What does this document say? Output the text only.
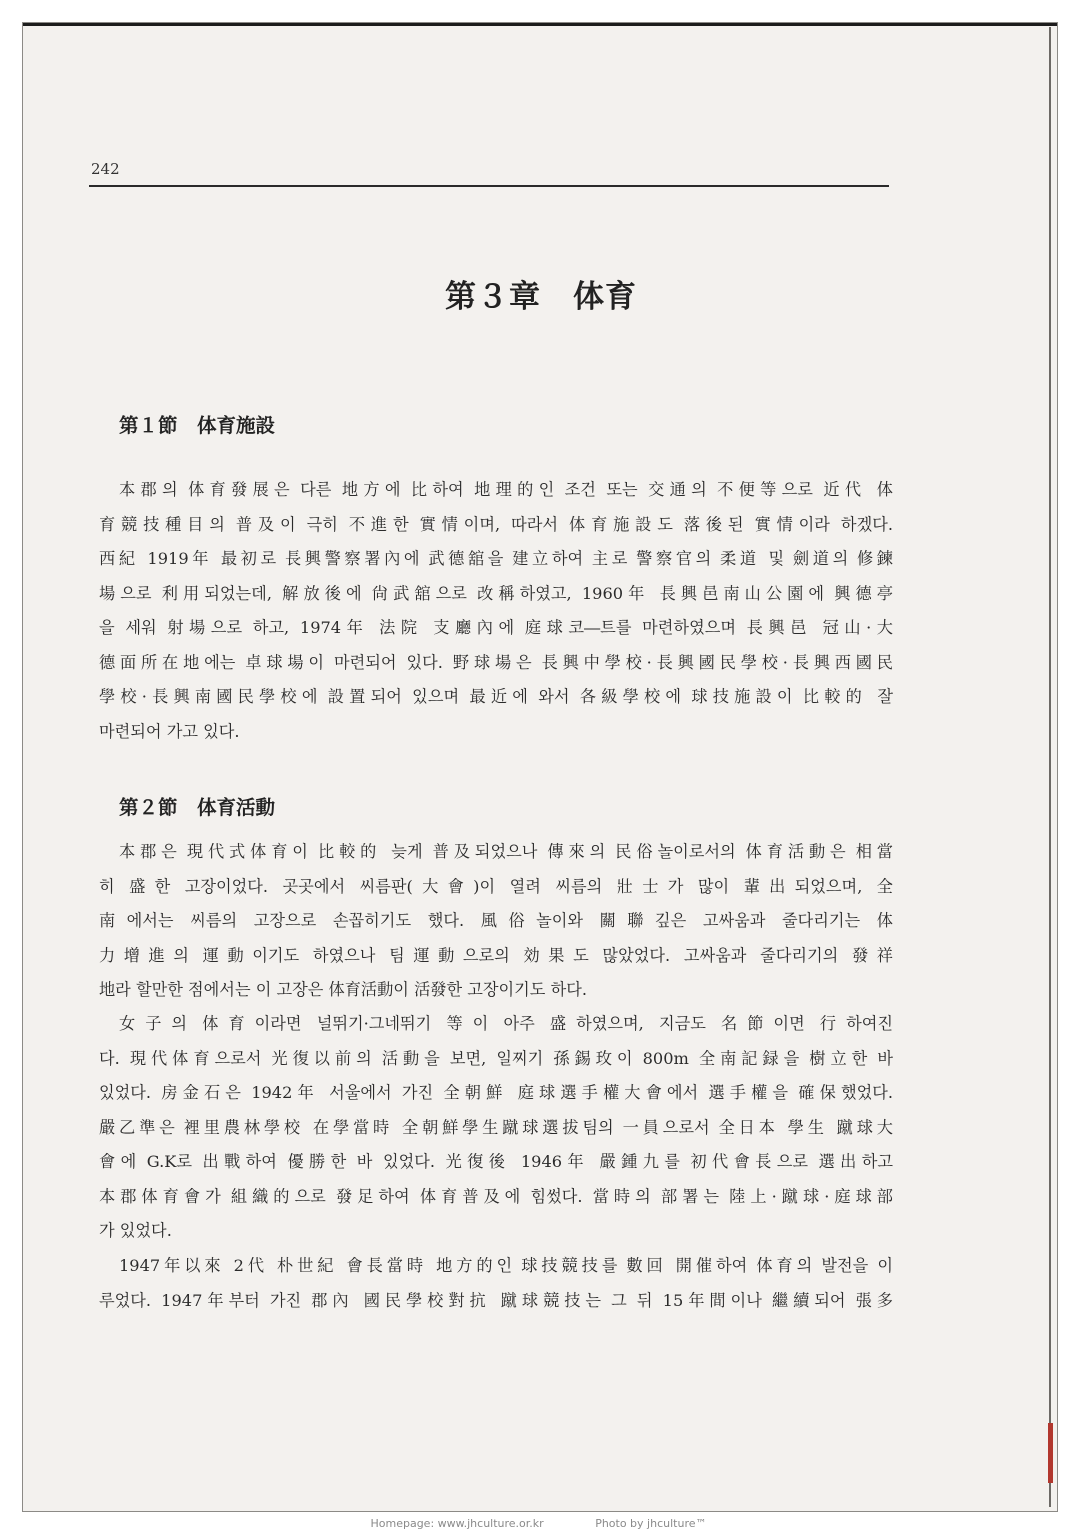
242
第３章　体育
第１節　体育施設

本郡의 体育發展은 다른 地方에 比하여 地理的인 조건 또는 交通의 不便等으로 近代 体
育競技種目의 普及이 극히 不進한 實情이며, 따라서 体育施設도 落後된 實情이라 하겠다.
西紀 1919年 最初로 長興警察署內에 武德舘을 建立하여 主로 警察官의 柔道 및 劍道의 修鍊
場으로 利用되었는데, 解放後에 尙武舘으로 改稱하였고, 1960年 長興邑南山公園에 興德亭
을 세워 射場으로 하고, 1974年 法院 支廳內에 庭球코―트를 마련하였으며 長興邑 冠山·大
德面所在地에는 卓球場이 마련되어 있다. 野球場은 長興中學校·長興國民學校·長興西國民
學校·長興南國民學校에 設置되어 있으며 最近에 와서 各級學校에 球技施設이 比較的 잘
마련되어 가고 있다.

第２節　体育活動

本郡은 現代式体育이 比較的 늦게 普及되었으나 傳來의 民俗놀이로서의 体育活動은 相當
히 盛한 고장이었다. 곳곳에서 씨름판(大會)이 열려 씨름의 壯士가 많이 輩出되었으며, 全
南에서는 씨름의 고장으로 손꼽히기도 했다. 風俗놀이와 關聯깊은 고싸움과 줄다리기는 体
力增進의 運動이기도 하였으나 팀運動으로의 効果도 많았었다. 고싸움과 줄다리기의 發祥
地라 할만한 점에서는 이 고장은 体育活動이 活發한 고장이기도 하다.

女子의 体育이라면 널뛰기·그네뛰기 等이 아주 盛하였으며, 지금도 名節이면 行하여진
다. 現代体育으로서 光復以前의 活動을 보면, 일찌기 孫錫玫이 800m 全南記録을 樹立한 바
있었다. 房金石은 1942年 서울에서 가진 全朝鮮 庭球選手權大會에서 選手權을 確保했었다.
嚴乙準은 裡里農林學校 在學當時 全朝鮮學生蹴球選拔팀의 一員으로서 全日本 學生 蹴球大
會에 G.K로 出戰하여 優勝한 바 있었다. 光復後 1946年 嚴鍾九를 初代會長으로 選出하고
本郡体育會가 組織的으로 發足하여 体育普及에 힘썼다. 當時의 部署는 陸上·蹴球·庭球部
가 있었다.

1947年以來 2代 朴世紀 會長當時 地方的인 球技競技를 數回 開催하여 体育의 발전을 이
루었다. 1947年부터 가진 郡內 國民學校對抗 蹴球競技는 그 뒤 15年間이나 繼續되어 張多

Homepage: www.jhculture.or.kr	Photo by jhculture™
